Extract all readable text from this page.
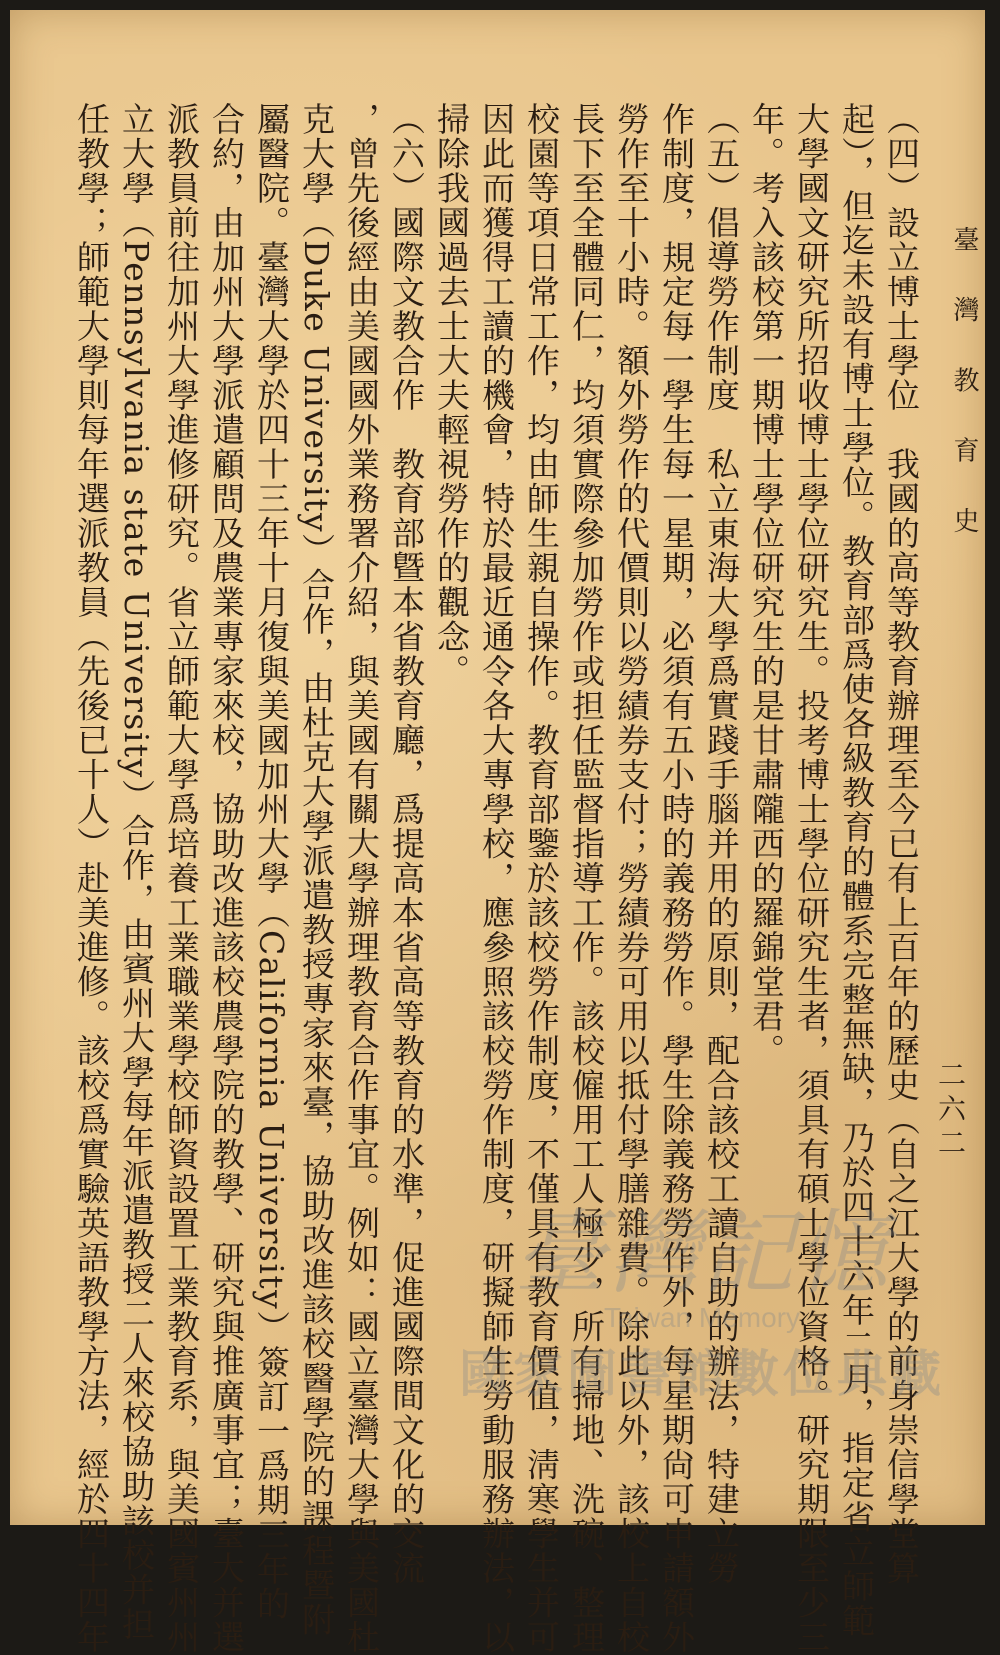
臺 灣 教 育 史
二六二
（四）設立博士學位　我國的高等教育辦理至今已有上百年的歷史（自之江大學的前身崇信學堂算
起），但迄未設有博士學位。教育部爲使各級教育的體系完整無缺，乃於四十六年二月，指定省立師範
大學國文研究所招收博士學位研究生。投考博士學位研究生者，須具有碩士學位資格。研究期限至少三
年。考入該校第一期博士學位研究生的是甘肅隴西的羅錦堂君。
（五）倡導勞作制度　私立東海大學爲實踐手腦并用的原則，配合該校工讀自助的辦法，特建立勞
作制度，規定每一學生每一星期，必須有五小時的義務勞作。學生除義務勞作外，每星期尙可申請額外
勞作至十小時。額外勞作的代價則以勞績券支付；勞績券可用以抵付學膳雜費。除此以外，該校上自校
長下至全體同仁，均須實際參加勞作或担任監督指導工作。該校僱用工人極少，所有掃地、洗碗、整理
校園等項日常工作，均由師生親自操作。教育部鑒於該校勞作制度，不僅具有教育價值，淸寒學生并可
因此而獲得工讀的機會，特於最近通令各大專學校，應參照該校勞作制度，研擬師生勞動服務辦法，以
掃除我國過去士大夫輕視勞作的觀念。
（六）國際文教合作　教育部曁本省教育廳，爲提高本省高等教育的水準，促進國際間文化的交流
，曾先後經由美國國外業務署介紹，與美國有關大學辦理教育合作事宜。例如：國立臺灣大學與美國杜
克大學（Duke University）合作，由杜克大學派遣教授專家來臺，協助改進該校醫學院的課程暨附
屬醫院。臺灣大學於四十三年十月復與美國加州大學（California University）簽訂一爲期三年的
合約，由加州大學派遣顧問及農業專家來校，協助改進該校農學院的教學、研究與推廣事宜；臺大并選
派教員前往加州大學進修研究。省立師範大學爲培養工業職業學校師資設置工業教育系，與美國賓州州
立大學（Pennsylvania state University）合作，由賓州大學每年派遣教授二人來校協助該校并担
任教學；師範大學則每年選派教員（先後已十人）赴美進修。該校爲實驗英語教學方法，經於四十四年	臺灣記憶
Taiwan Memory
國家圖書館數位典藏
